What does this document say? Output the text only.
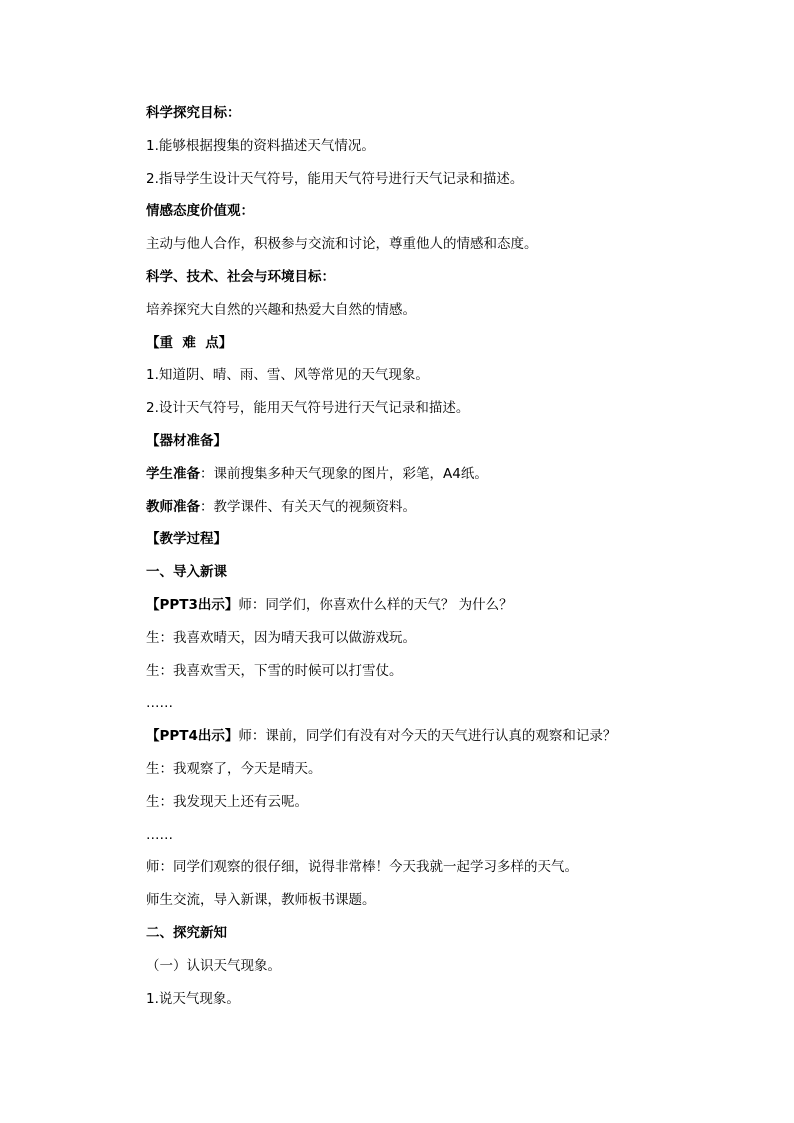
科学探究目标：
1.能够根据搜集的资料描述天气情况。
2.指导学生设计天气符号，能用天气符号进行天气记录和描述。
情感态度价值观：
主动与他人合作，积极参与交流和讨论，尊重他人的情感和态度。
科学、技术、社会与环境目标：
培养探究大自然的兴趣和热爱大自然的情感。
【重  难  点】
1.知道阴、晴、雨、雪、风等常见的天气现象。
2.设计天气符号，能用天气符号进行天气记录和描述。
【器材准备】
学生准备：课前搜集多种天气现象的图片，彩笔，A4纸。
教师准备：教学课件、有关天气的视频资料。
【教学过程】
一、导入新课
【PPT3出示】师：同学们，你喜欢什么样的天气？ 为什么？
生：我喜欢晴天，因为晴天我可以做游戏玩。
生：我喜欢雪天，下雪的时候可以打雪仗。
……
【PPT4出示】师：课前，同学们有没有对今天的天气进行认真的观察和记录？
生：我观察了，今天是晴天。
生：我发现天上还有云呢。
……
师：同学们观察的很仔细，说得非常棒！今天我就一起学习多样的天气。
师生交流，导入新课，教师板书课题。
二、探究新知
（一）认识天气现象。
1.说天气现象。
